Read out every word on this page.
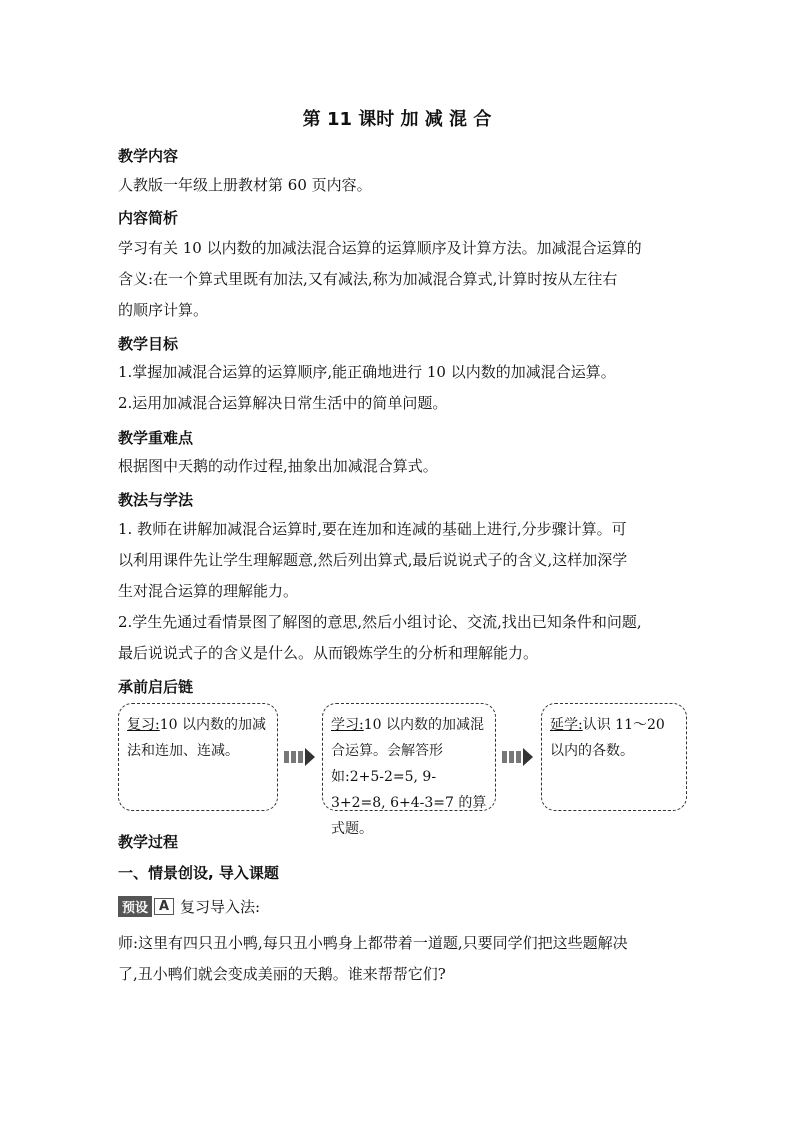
第 11 课时 加 减 混 合
教学内容
人教版一年级上册教材第 60 页内容。
内容简析
学习有关 10 以内数的加减法混合运算的运算顺序及计算方法。加减混合运算的
含义:在一个算式里既有加法,又有减法,称为加减混合算式,计算时按从左往右
的顺序计算。
教学目标
1.掌握加减混合运算的运算顺序,能正确地进行 10 以内数的加减混合运算。
2.运用加减混合运算解决日常生活中的简单问题。
教学重难点
根据图中天鹅的动作过程,抽象出加减混合算式。
教法与学法
1. 教师在讲解加减混合运算时,要在连加和连减的基础上进行,分步骤计算。可
以利用课件先让学生理解题意,然后列出算式,最后说说式子的含义,这样加深学
生对混合运算的理解能力。
2.学生先通过看情景图了解图的意思,然后小组讨论、交流,找出已知条件和问题,
最后说说式子的含义是什么。从而锻炼学生的分析和理解能力。
承前启后链
复习:10 以内数的加减法和连加、连减。
学习:10 以内数的加减混合运算。会解答形如:2+5-2=5, 9-3+2=8, 6+4-3=7 的算式题。
延学:认识 11～20 以内的各数。
教学过程
一、情景创设, 导入课题
预设 A 复习导入法:
师:这里有四只丑小鸭,每只丑小鸭身上都带着一道题,只要同学们把这些题解决
了,丑小鸭们就会变成美丽的天鹅。谁来帮帮它们?
